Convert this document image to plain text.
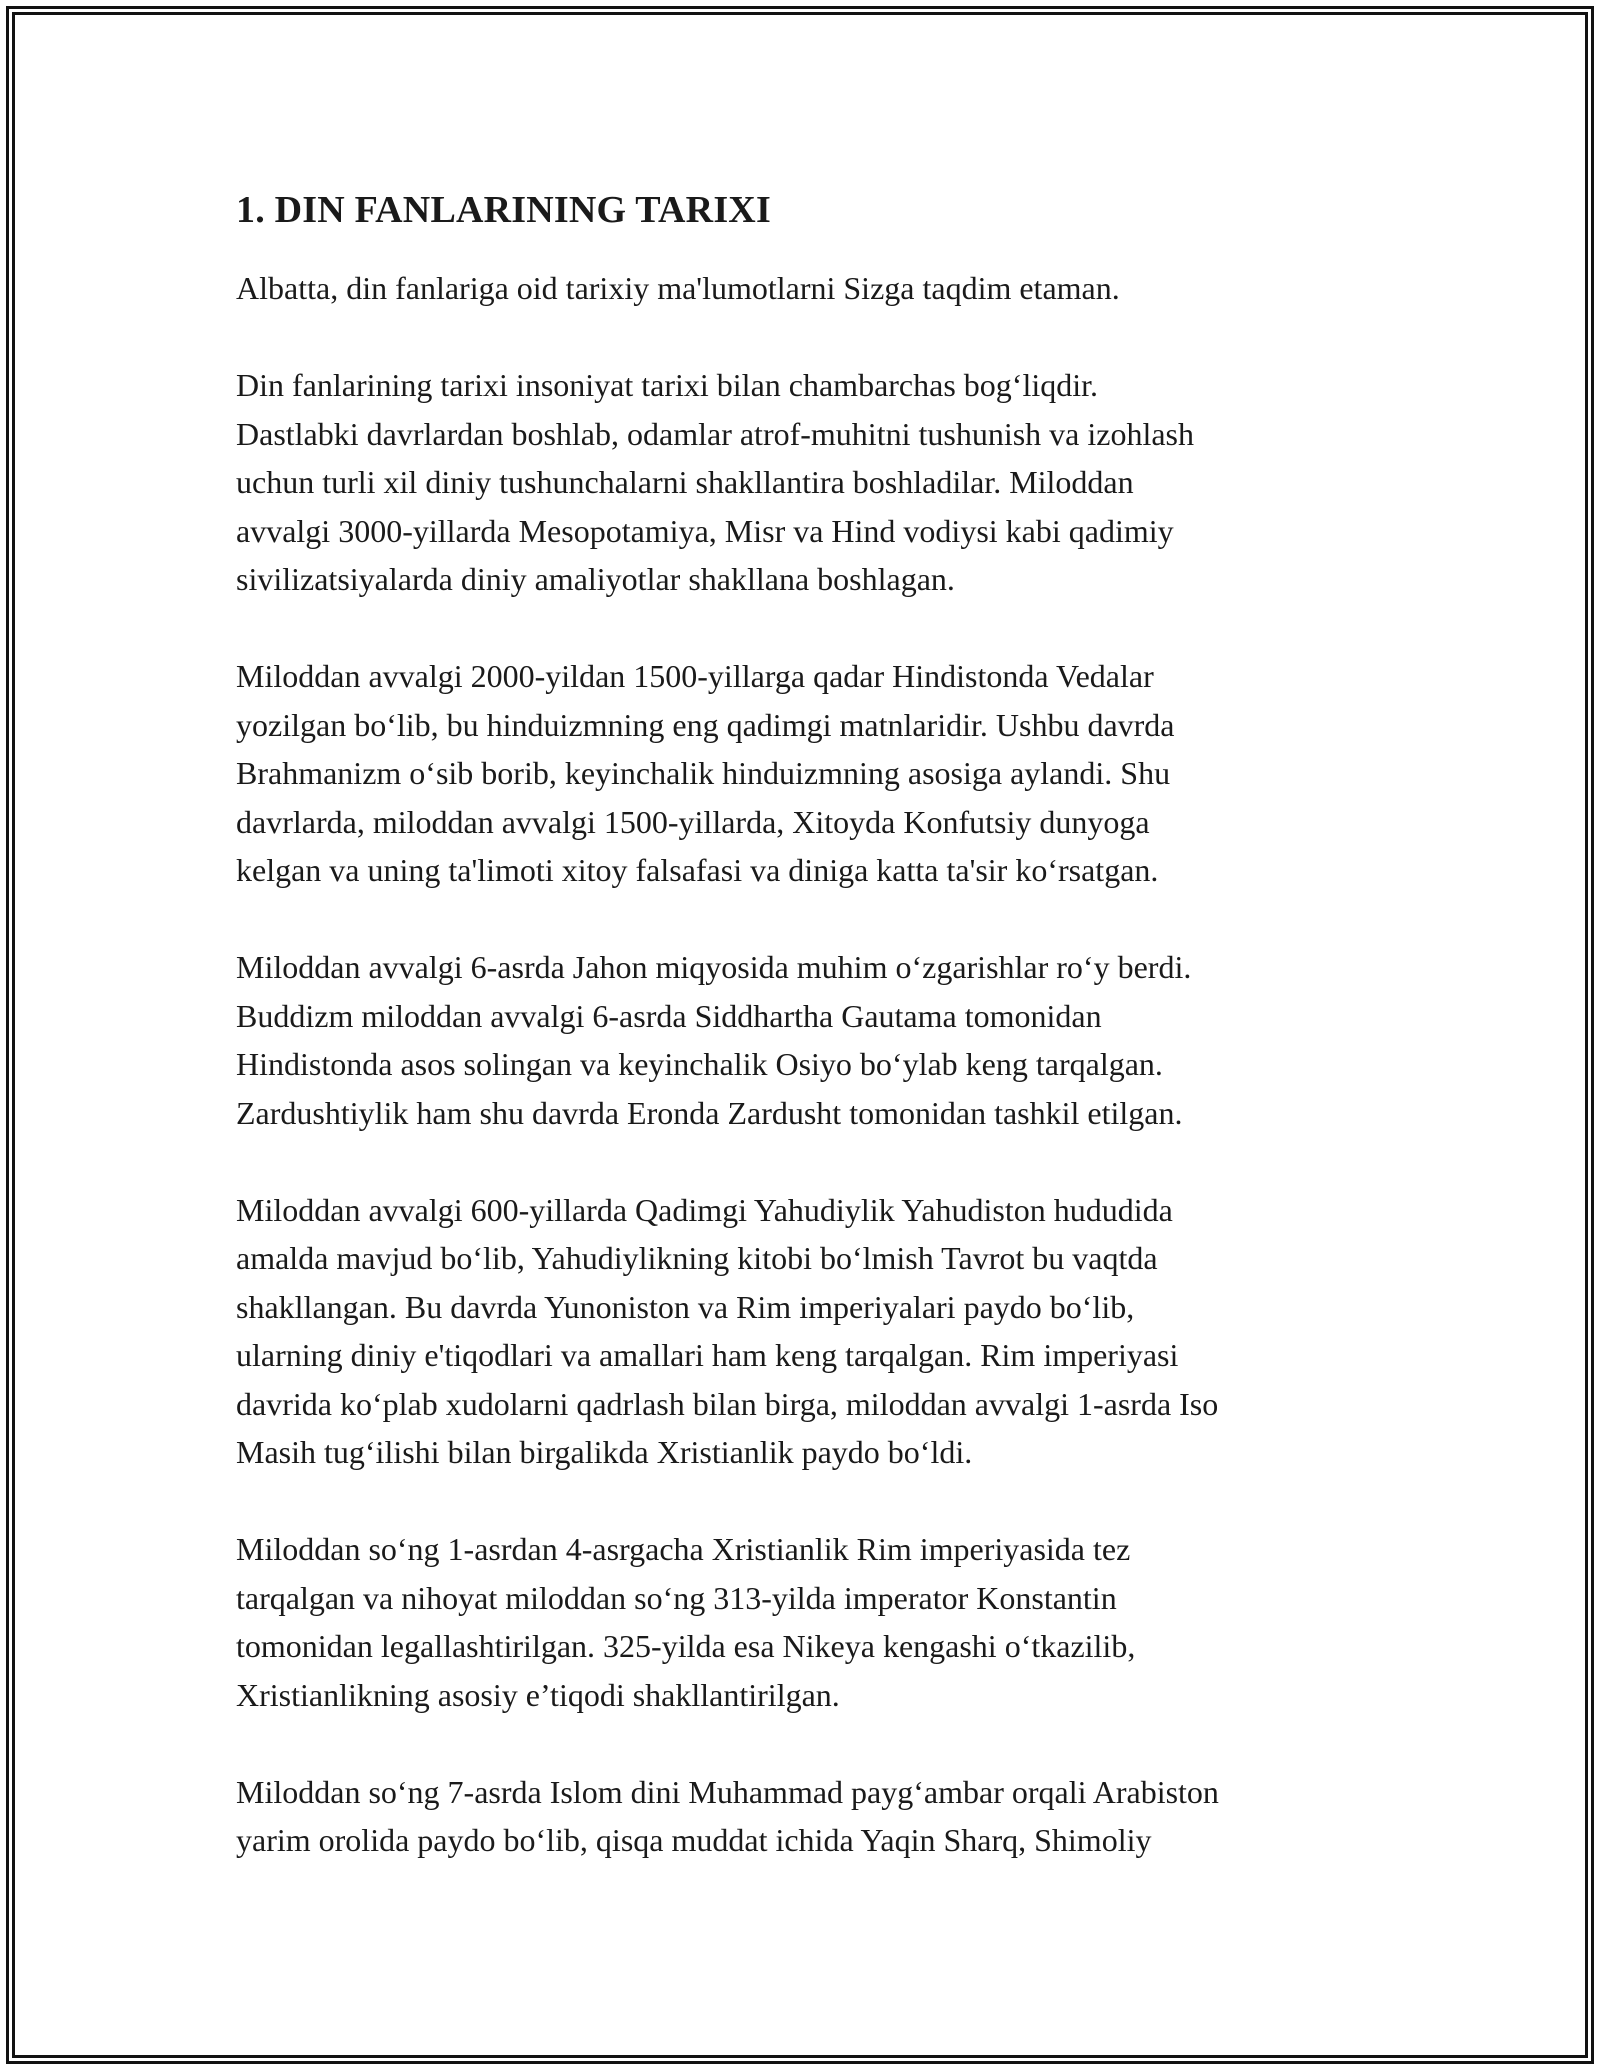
1. DIN FANLARINING TARIXI

Albatta, din fanlariga oid tarixiy ma'lumotlarni Sizga taqdim etaman.

Din fanlarining tarixi insoniyat tarixi bilan chambarchas bog‘liqdir.
Dastlabki davrlardan boshlab, odamlar atrof-muhitni tushunish va izohlash
uchun turli xil diniy tushunchalarni shakllantira boshladilar. Miloddan
avvalgi 3000-yillarda Mesopotamiya, Misr va Hind vodiysi kabi qadimiy
sivilizatsiyalarda diniy amaliyotlar shakllana boshlagan.

Miloddan avvalgi 2000-yildan 1500-yillarga qadar Hindistonda Vedalar
yozilgan bo‘lib, bu hinduizmning eng qadimgi matnlaridir. Ushbu davrda
Brahmanizm o‘sib borib, keyinchalik hinduizmning asosiga aylandi. Shu
davrlarda, miloddan avvalgi 1500-yillarda, Xitoyda Konfutsiy dunyoga
kelgan va uning ta'limoti xitoy falsafasi va diniga katta ta'sir ko‘rsatgan.

Miloddan avvalgi 6-asrda Jahon miqyosida muhim o‘zgarishlar ro‘y berdi.
Buddizm miloddan avvalgi 6-asrda Siddhartha Gautama tomonidan
Hindistonda asos solingan va keyinchalik Osiyo bo‘ylab keng tarqalgan.
Zardushtiylik ham shu davrda Eronda Zardusht tomonidan tashkil etilgan.

Miloddan avvalgi 600-yillarda Qadimgi Yahudiylik Yahudiston hududida
amalda mavjud bo‘lib, Yahudiylikning kitobi bo‘lmish Tavrot bu vaqtda
shakllangan. Bu davrda Yunoniston va Rim imperiyalari paydo bo‘lib,
ularning diniy e'tiqodlari va amallari ham keng tarqalgan. Rim imperiyasi
davrida ko‘plab xudolarni qadrlash bilan birga, miloddan avvalgi 1-asrda Iso
Masih tug‘ilishi bilan birgalikda Xristianlik paydo bo‘ldi.

Miloddan so‘ng 1-asrdan 4-asrgacha Xristianlik Rim imperiyasida tez
tarqalgan va nihoyat miloddan so‘ng 313-yilda imperator Konstantin
tomonidan legallashtirilgan. 325-yilda esa Nikeya kengashi o‘tkazilib,
Xristianlikning asosiy e’tiqodi shakllantirilgan.

Miloddan so‘ng 7-asrda Islom dini Muhammad payg‘ambar orqali Arabiston
yarim orolida paydo bo‘lib, qisqa muddat ichida Yaqin Sharq, Shimoliy
